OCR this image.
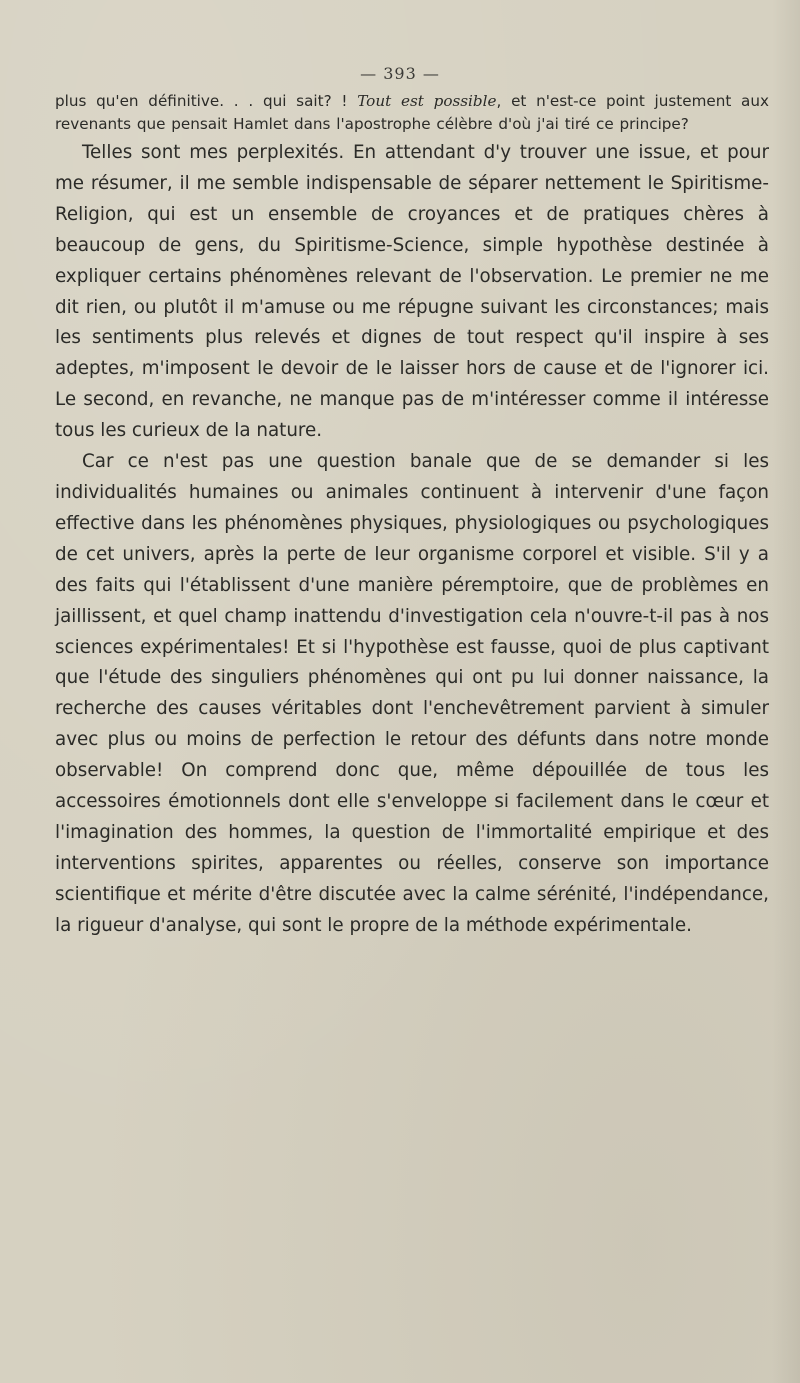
— 393 —

plus qu'en définitive. . . qui sait? ! Tout est possible, et n'est-ce point justement aux revenants que pensait Hamlet dans l'apostrophe célèbre d'où j'ai tiré ce principe?

Telles sont mes perplexités. En attendant d'y trouver une issue, et pour me résumer, il me semble indispensable de séparer nettement le Spiritisme-Religion, qui est un ensemble de croyances et de pratiques chères à beaucoup de gens, du Spiritisme-Science, simple hypothèse destinée à expliquer certains phénomènes relevant de l'observation. Le premier ne me dit rien, ou plutôt il m'amuse ou me répugne suivant les circonstances; mais les sentiments plus relevés et dignes de tout respect qu'il inspire à ses adeptes, m'imposent le devoir de le laisser hors de cause et de l'ignorer ici. Le second, en revanche, ne manque pas de m'intéresser comme il intéresse tous les curieux de la nature.

Car ce n'est pas une question banale que de se demander si les individualités humaines ou animales continuent à intervenir d'une façon effective dans les phénomènes physiques, physiologiques ou psychologiques de cet univers, après la perte de leur organisme corporel et visible. S'il y a des faits qui l'établissent d'une manière péremptoire, que de problèmes en jaillissent, et quel champ inattendu d'investigation cela n'ouvre-t-il pas à nos sciences expérimentales! Et si l'hypothèse est fausse, quoi de plus captivant que l'étude des singuliers phénomènes qui ont pu lui donner naissance, la recherche des causes véritables dont l'enchevêtrement parvient à simuler avec plus ou moins de perfection le retour des défunts dans notre monde observable! On comprend donc que, même dépouillée de tous les accessoires émotionnels dont elle s'enveloppe si facilement dans le cœur et l'imagination des hommes, la question de l'immortalité empirique et des interventions spirites, apparentes ou réelles, conserve son importance scientifique et mérite d'être discutée avec la calme sérénité, l'indépendance, la rigueur d'analyse, qui sont le propre de la méthode expérimentale.
